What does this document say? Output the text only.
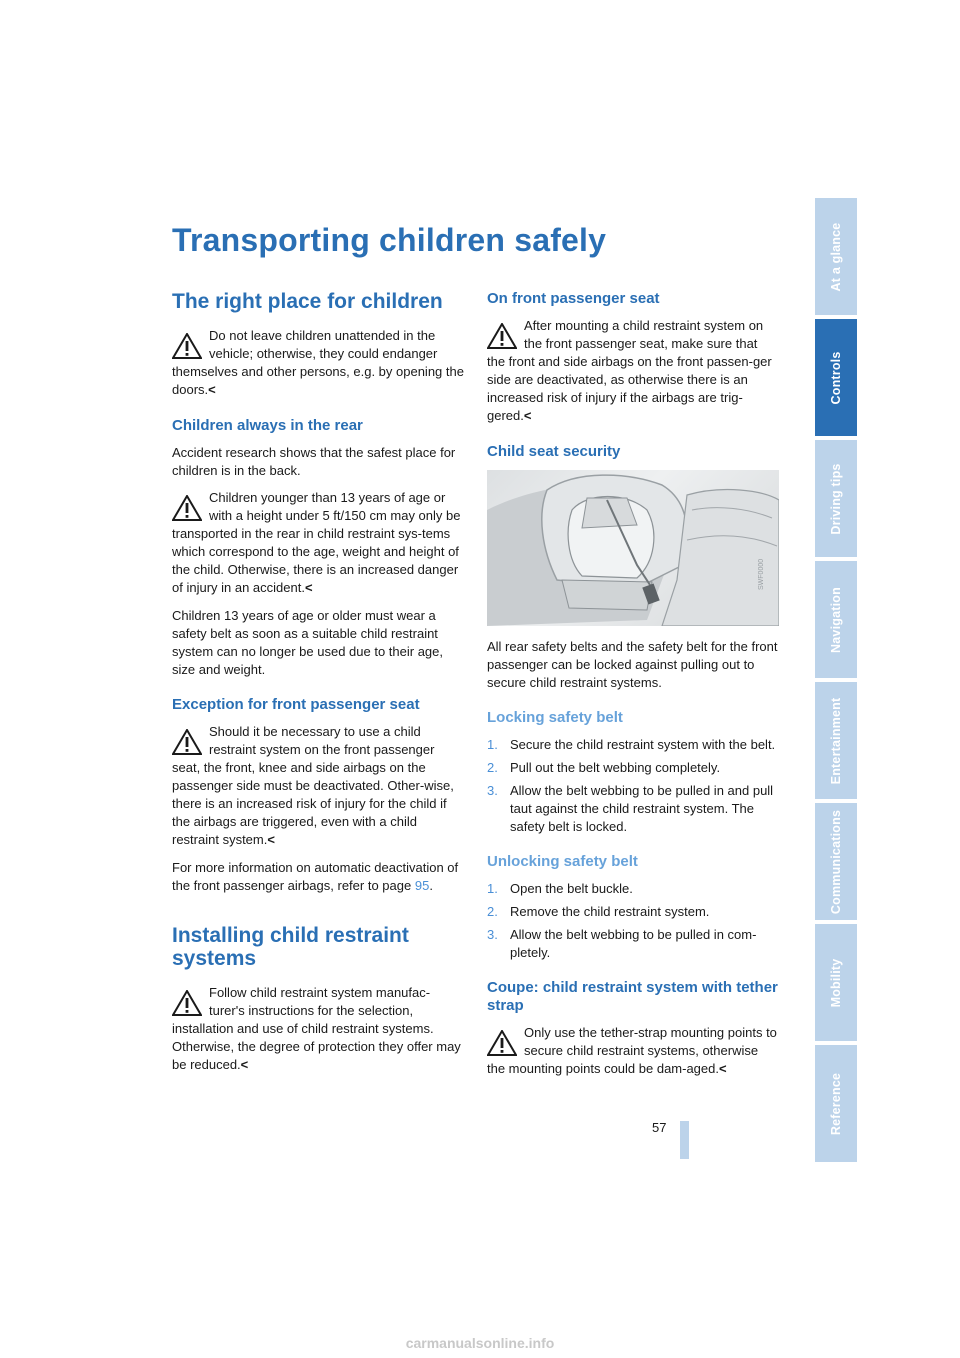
Transporting children safely
The right place for children
Do not leave children unattended in the vehicle; otherwise, they could endanger themselves and other persons, e.g. by opening the doors.<
Children always in the rear

Accident research shows that the safest place for children is in the back.

Children younger than 13 years of age or with a height under 5 ft/150 cm may only be transported in the rear in child restraint sys-tems which correspond to the age, weight and height of the child. Otherwise, there is an increased danger of injury in an accident.<

Children 13 years of age or older must wear a safety belt as soon as a suitable child restraint system can no longer be used due to their age, size and weight.

Exception for front passenger seat
Should it be necessary to use a child restraint system on the front passenger seat, the front, knee and side airbags on the passenger side must be deactivated. Other-wise, there is an increased risk of injury for the child if the airbags are triggered, even with a child restraint system.<

For more information on automatic deactivation of the front passenger airbags, refer to page 95.

Installing child restraint systems
Follow child restraint system manufac-turer's instructions for the selection, installation and use of child restraint systems. Otherwise, the degree of protection they offer may be reduced.<
On front passenger seat
After mounting a child restraint system on the front passenger seat, make sure that the front and side airbags on the front passen-ger side are deactivated, as otherwise there is an increased risk of injury if the airbags are trig-gered.<
Child seat security
SWF0000

All rear safety belts and the safety belt for the front passenger can be locked against pulling out to secure child restraint systems.

Locking safety belt
1. Secure the child restraint system with the belt.
2. Pull out the belt webbing completely.
3. Allow the belt webbing to be pulled in and pull taut against the child restraint system. The safety belt is locked.
Unlocking safety belt
1. Open the belt buckle.
2. Remove the child restraint system.
3. Allow the belt webbing to be pulled in com-pletely.
Coupe: child restraint system with tether strap
Only use the tether-strap mounting points to secure child restraint systems, otherwise the mounting points could be dam-aged.<
At a glance
Controls
Driving tips
Navigation
Entertainment
Communications
Mobility
Reference
57
carmanualsonline.info
